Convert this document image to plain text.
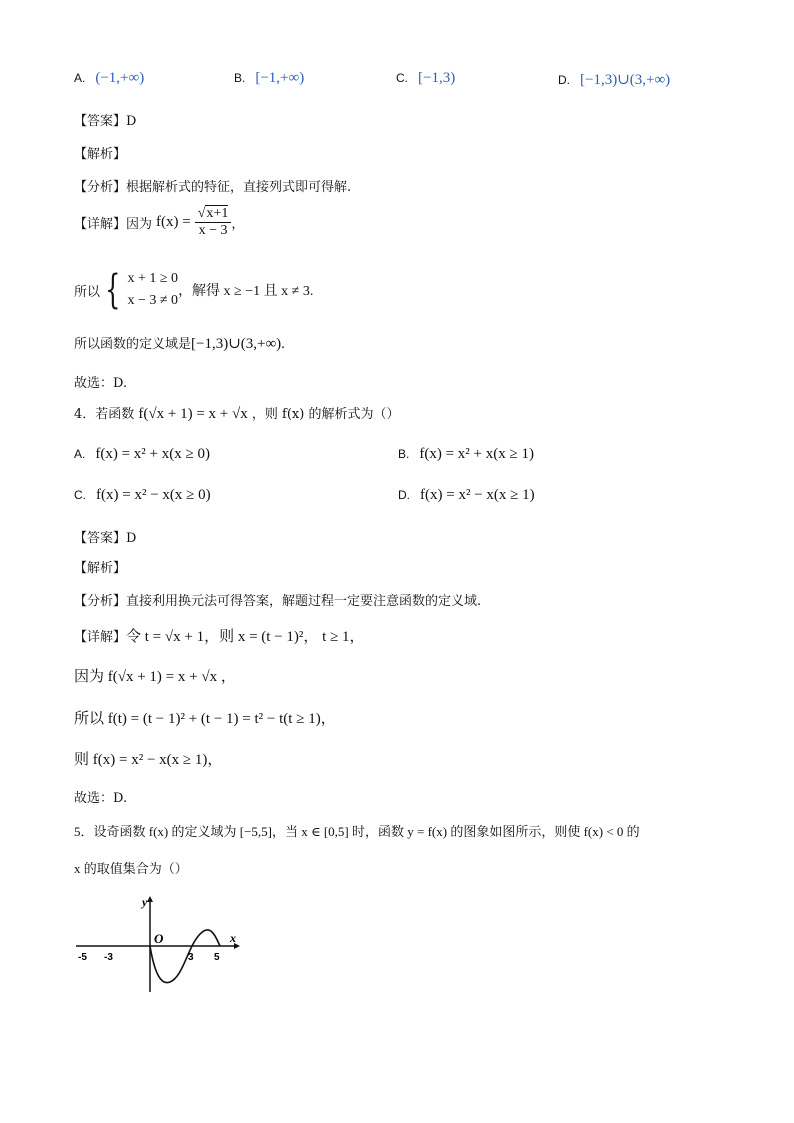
A. (−1,+∞)	B. [−1,+∞)	C. [−1,3)	D. [−1,3)∪(3,+∞)
【答案】D
【解析】
【分析】根据解析式的特征，直接列式即可得解.
【详解】 因为 $f(x) = \frac{√x+1}{x - 3}$ ，
所以 { x + 1 ≥ 0
x − 3 ≠ 0
，解得 x ≥ −1 且 x ≠ 3.
所以函数的定义域是[−1,3)∪(3,+∞).
故选：D.
4．若函数 f(√x + 1) = x + √x ，则 f(x) 的解析式为（）
A. f(x) = x² + x(x ≥ 0)	B. f(x) = x² + x(x ≥ 1)
C. f(x) = x² − x(x ≥ 0)	D. f(x) = x² − x(x ≥ 1)
【答案】D
【解析】
【分析】直接利用换元法可得答案，解题过程一定要注意函数的定义域.
【详解】令 t = √x + 1，则 x = (t − 1)²， t ≥ 1，
因为 f(√x + 1) = x + √x ，
所以 f(t) = (t − 1)² + (t − 1) = t² − t(t ≥ 1)，
则 f(x) = x² − x(x ≥ 1)，
故选：D.
5．设奇函数 f(x) 的定义域为 [−5,5]，当 x ∈ [0,5] 时，函数 y = f(x) 的图象如图所示，则使 f(x) < 0 的
x 的取值集合为（）
y
x
O
-5 -3	3 5
